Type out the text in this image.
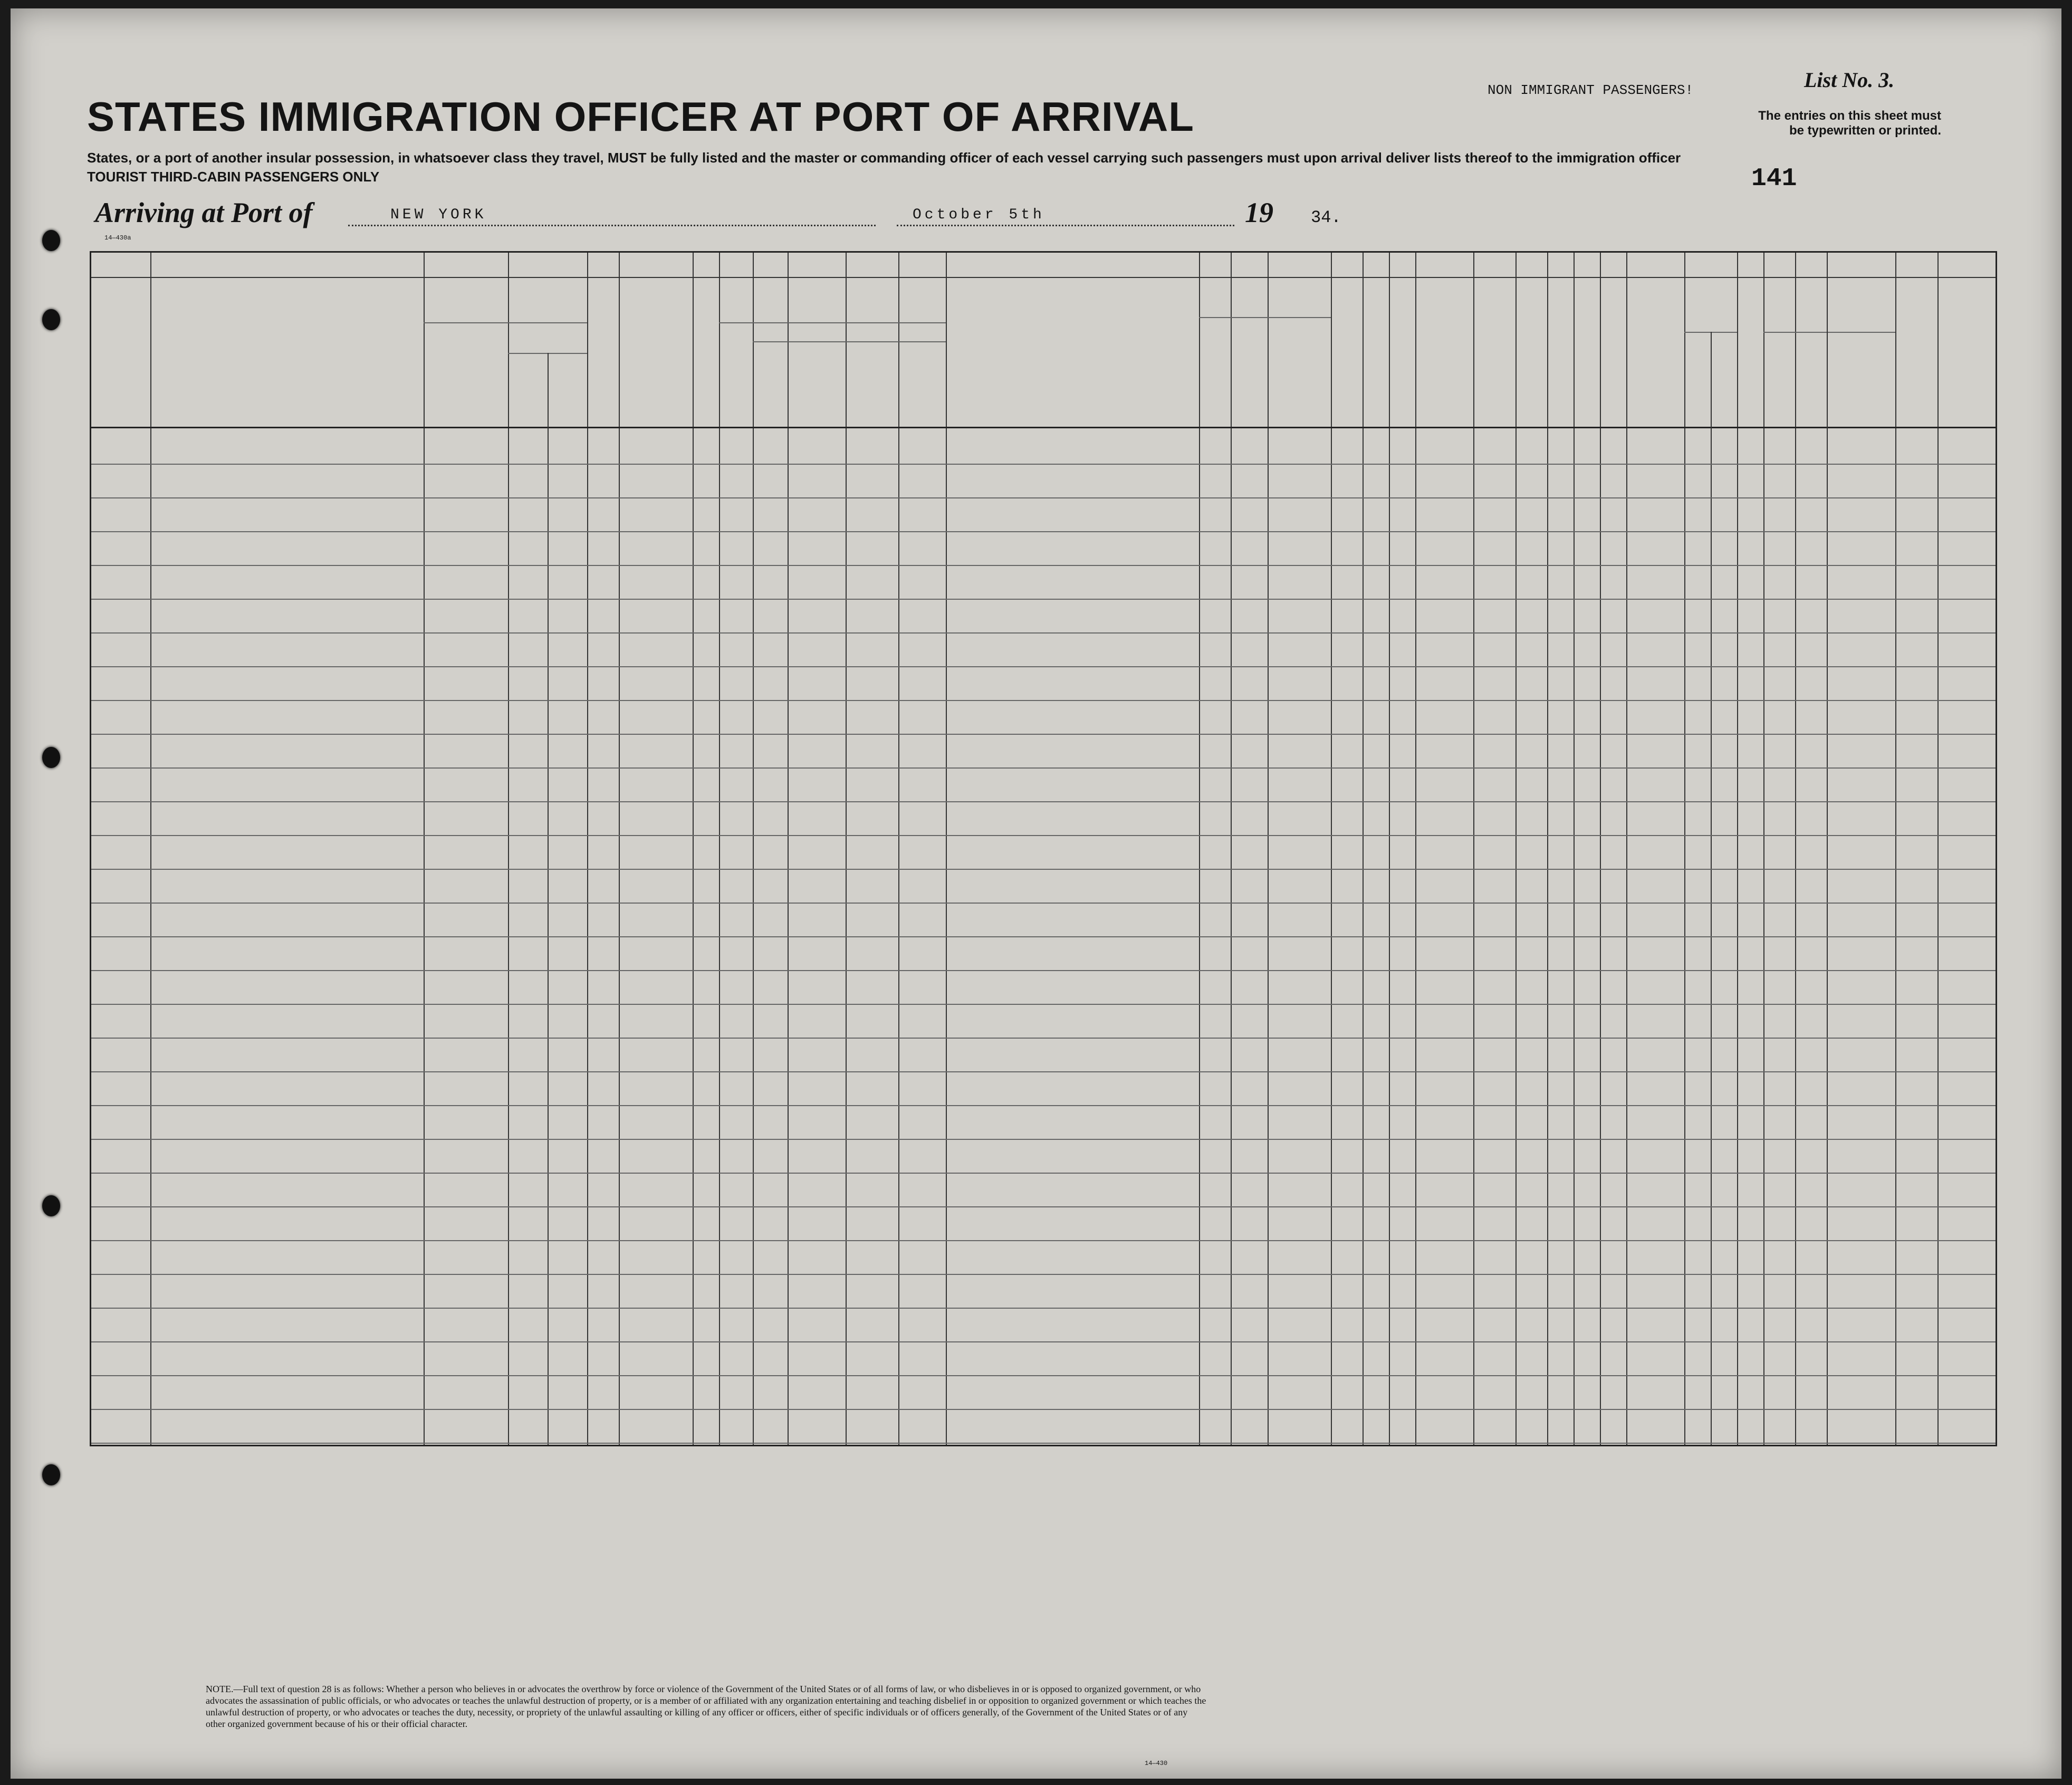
STATES IMMIGRATION OFFICER AT PORT OF ARRIVAL
States, or a port of another insular possession, in whatsoever class they travel, MUST be fully listed and the master or commanding officer of each vessel carrying such passengers must upon arrival deliver lists thereof to the immigration officer
TOURIST THIRD-CABIN PASSENGERS ONLY
NON IMMIGRANT PASSENGERS!	List No. 3.
The entries on this sheet must be typewritten or printed.
141
14—430a
Arriving at Port of	NEW YORK	October 5th	19 34.
NOTE.—Full text of question 28 is as follows: Whether a person who believes in or advocates the overthrow by force or violence of the Government of the United States or of all forms of law, or who disbelieves in or is opposed to organized government, or who advocates the assassination of public officials, or who advocates or teaches the unlawful destruction of property, or is a member of or affiliated with any organization entertaining and teaching disbelief in or opposition to organized government or which teaches the unlawful destruction of property, or who advocates or teaches the duty, necessity, or propriety of the unlawful assaulting or killing of any officer or officers, either of specific individuals or of officers generally, of the Government of the United States or of any other organized government because of his or their official character.
14—430
